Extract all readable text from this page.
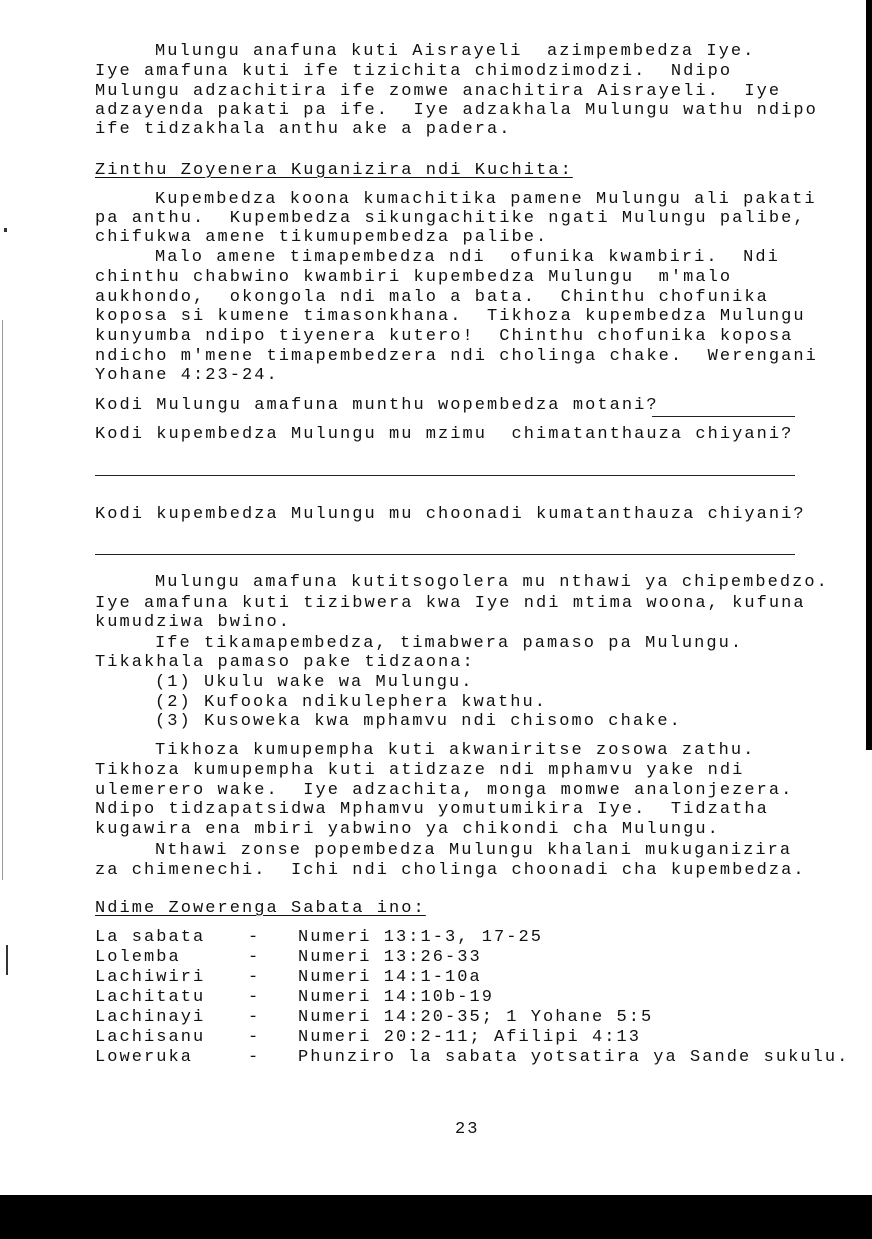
Mulungu anafuna kuti Aisrayeli  azimpembedza Iye.
Iye amafuna kuti ife tizichita chimodzimodzi.  Ndipo
Mulungu adzachitira ife zomwe anachitira Aisrayeli.  Iye
adzayenda pakati pa ife.  Iye adzakhala Mulungu wathu ndipo
ife tidzakhala anthu ake a padera.
Zinthu Zoyenera Kuganizira ndi Kuchita:
Kupembedza koona kumachitika pamene Mulungu ali pakati
pa anthu.  Kupembedza sikungachitike ngati Mulungu palibe,
chifukwa amene tikumupembedza palibe.
Malo amene timapembedza ndi  ofunika kwambiri.  Ndi
chinthu chabwino kwambiri kupembedza Mulungu  m'malo
aukhondo,  okongola ndi malo a bata.  Chinthu chofunika
koposa si kumene timasonkhana.  Tikhoza kupembedza Mulungu
kunyumba ndipo tiyenera kutero!  Chinthu chofunika koposa
ndicho m'mene timapembedzera ndi cholinga chake.  Werengani
Yohane 4:23-24.
Kodi Mulungu amafuna munthu wopembedza motani?
Kodi kupembedza Mulungu mu mzimu  chimatanthauza chiyani?
Kodi kupembedza Mulungu mu choonadi kumatanthauza chiyani?
Mulungu amafuna kutitsogolera mu nthawi ya chipembedzo.
Iye amafuna kuti tizibwera kwa Iye ndi mtima woona, kufuna
kumudziwa bwino.
Ife tikamapembedza, timabwera pamaso pa Mulungu.
Tikakhala pamaso pake tidzaona:
(1) Ukulu wake wa Mulungu.
(2) Kufooka ndikulephera kwathu.
(3) Kusoweka kwa mphamvu ndi chisomo chake.
Tikhoza kumupempha kuti akwaniritse zosowa zathu.
Tikhoza kumupempha kuti atidzaze ndi mphamvu yake ndi
ulemerero wake.  Iye adzachita, monga momwe analonjezera.
Ndipo tidzapatsidwa Mphamvu yomutumikira Iye.  Tidzatha
kugawira ena mbiri yabwino ya chikondi cha Mulungu.
Nthawi zonse popembedza Mulungu khalani mukuganizira
za chimenechi.  Ichi ndi cholinga choonadi cha kupembedza.
Ndime Zowerenga Sabata ino:
La sabata	- Numeri 13:1-3, 17-25
Lolemba	- Numeri 13:26-33
Lachiwiri	- Numeri 14:1-10a
Lachitatu	- Numeri 14:10b-19
Lachinayi	- Numeri 14:20-35; 1 Yohane 5:5
Lachisanu	- Numeri 20:2-11; Afilipi 4:13
Loweruka	- Phunziro la sabata yotsatira ya Sande sukulu.
23
